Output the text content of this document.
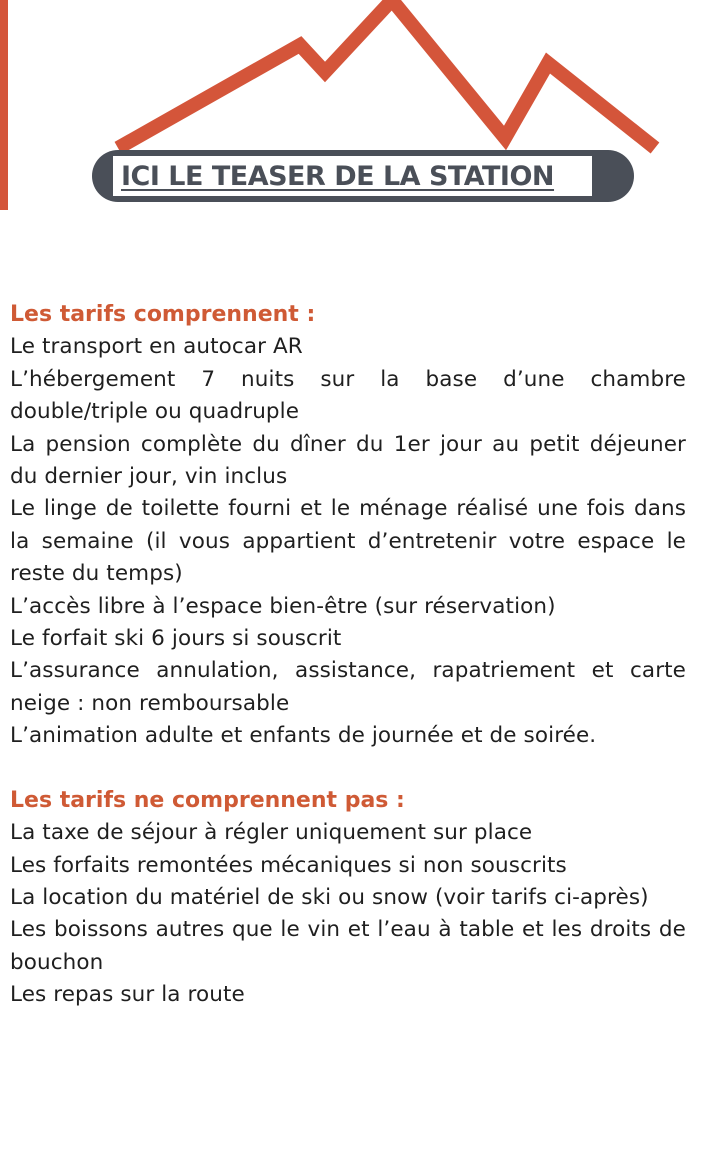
ICI LE TEASER DE LA STATION

Les tarifs comprennent :

Le transport en autocar AR
L’hébergement 7 nuits sur la base d’une chambre double/triple ou quadruple
La pension complète du dîner du 1er jour au petit déjeuner du dernier jour, vin inclus
Le linge de toilette fourni et le ménage réalisé une fois dans la semaine (il vous appartient d’entretenir votre espace le reste du temps)
L’accès libre à l’espace bien-être (sur réservation)
Le forfait ski 6 jours si souscrit
L’assurance annulation, assistance, rapatriement et carte neige : non remboursable
L’animation adulte et enfants de journée et de soirée.

Les tarifs ne comprennent pas :

La taxe de séjour à régler uniquement sur place
Les forfaits remontées mécaniques si non souscrits
La location du matériel de ski ou snow (voir tarifs ci-après)
Les boissons autres que le vin et l’eau à table et les droits de bouchon
Les repas sur la route
